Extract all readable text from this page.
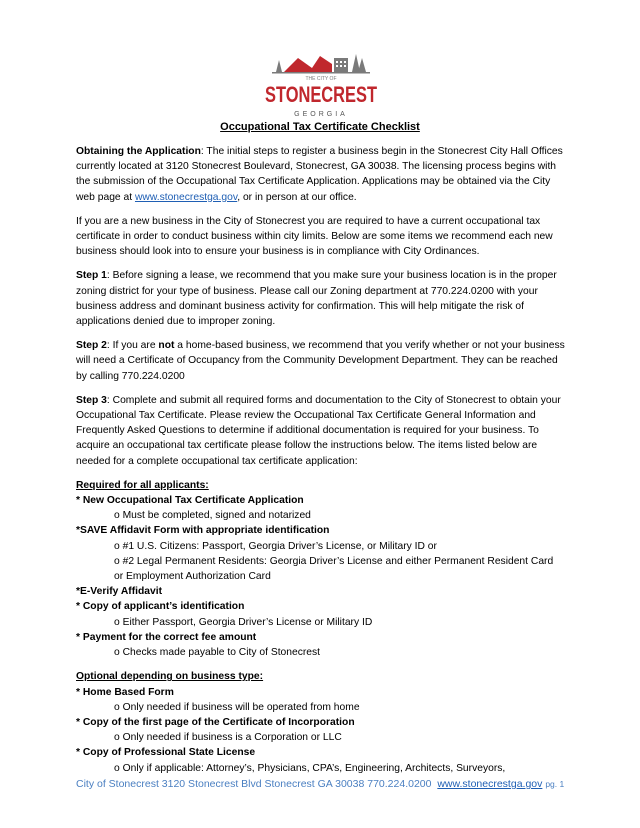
THE CITY OF
STONECREST
GEORGIA
Occupational Tax Certificate Checklist

Obtaining the Application: The initial steps to register a business begin in the Stonecrest City Hall Offices currently located at 3120 Stonecrest Boulevard, Stonecrest, GA 30038. The licensing process begins with the submission of the Occupational Tax Certificate Application. Applications may be obtained via the City web page at www.stonecrestga.gov, or in person at our office.

If you are a new business in the City of Stonecrest you are required to have a current occupational tax certificate in order to conduct business within city limits. Below are some items we recommend each new business should look into to ensure your business is in compliance with City Ordinances.

Step 1: Before signing a lease, we recommend that you make sure your business location is in the proper zoning district for your type of business. Please call our Zoning department at 770.224.0200 with your business address and dominant business activity for confirmation. This will help mitigate the risk of applications denied due to improper zoning.

Step 2: If you are not a home-based business, we recommend that you verify whether or not your business will need a Certificate of Occupancy from the Community Development Department. They can be reached by calling 770.224.0200

Step 3: Complete and submit all required forms and documentation to the City of Stonecrest to obtain your Occupational Tax Certificate. Please review the Occupational Tax Certificate General Information and Frequently Asked Questions to determine if additional documentation is required for your business. To acquire an occupational tax certificate please follow the instructions below. The items listed below are needed for a complete occupational tax certificate application:

Required for all applicants:
* New Occupational Tax Certificate Application
o Must be completed, signed and notarized
*SAVE Affidavit Form with appropriate identification
o #1 U.S. Citizens: Passport, Georgia Driver’s License, or Military ID or
o #2 Legal Permanent Residents: Georgia Driver’s License and either Permanent Resident Card
or Employment Authorization Card
*E-Verify Affidavit
* Copy of applicant’s identification
o Either Passport, Georgia Driver’s License or Military ID
* Payment for the correct fee amount
o Checks made payable to City of Stonecrest
Optional depending on business type:
* Home Based Form
o Only needed if business will be operated from home
* Copy of the first page of the Certificate of Incorporation
o Only needed if business is a Corporation or LLC
* Copy of Professional State License
o Only if applicable: Attorney’s, Physicians, CPA’s, Engineering, Architects, Surveyors,
City of Stonecrest 3120 Stonecrest Blvd Stonecrest GA 30038 770.224.0200 www.stonecrestga.gov pg. 1
